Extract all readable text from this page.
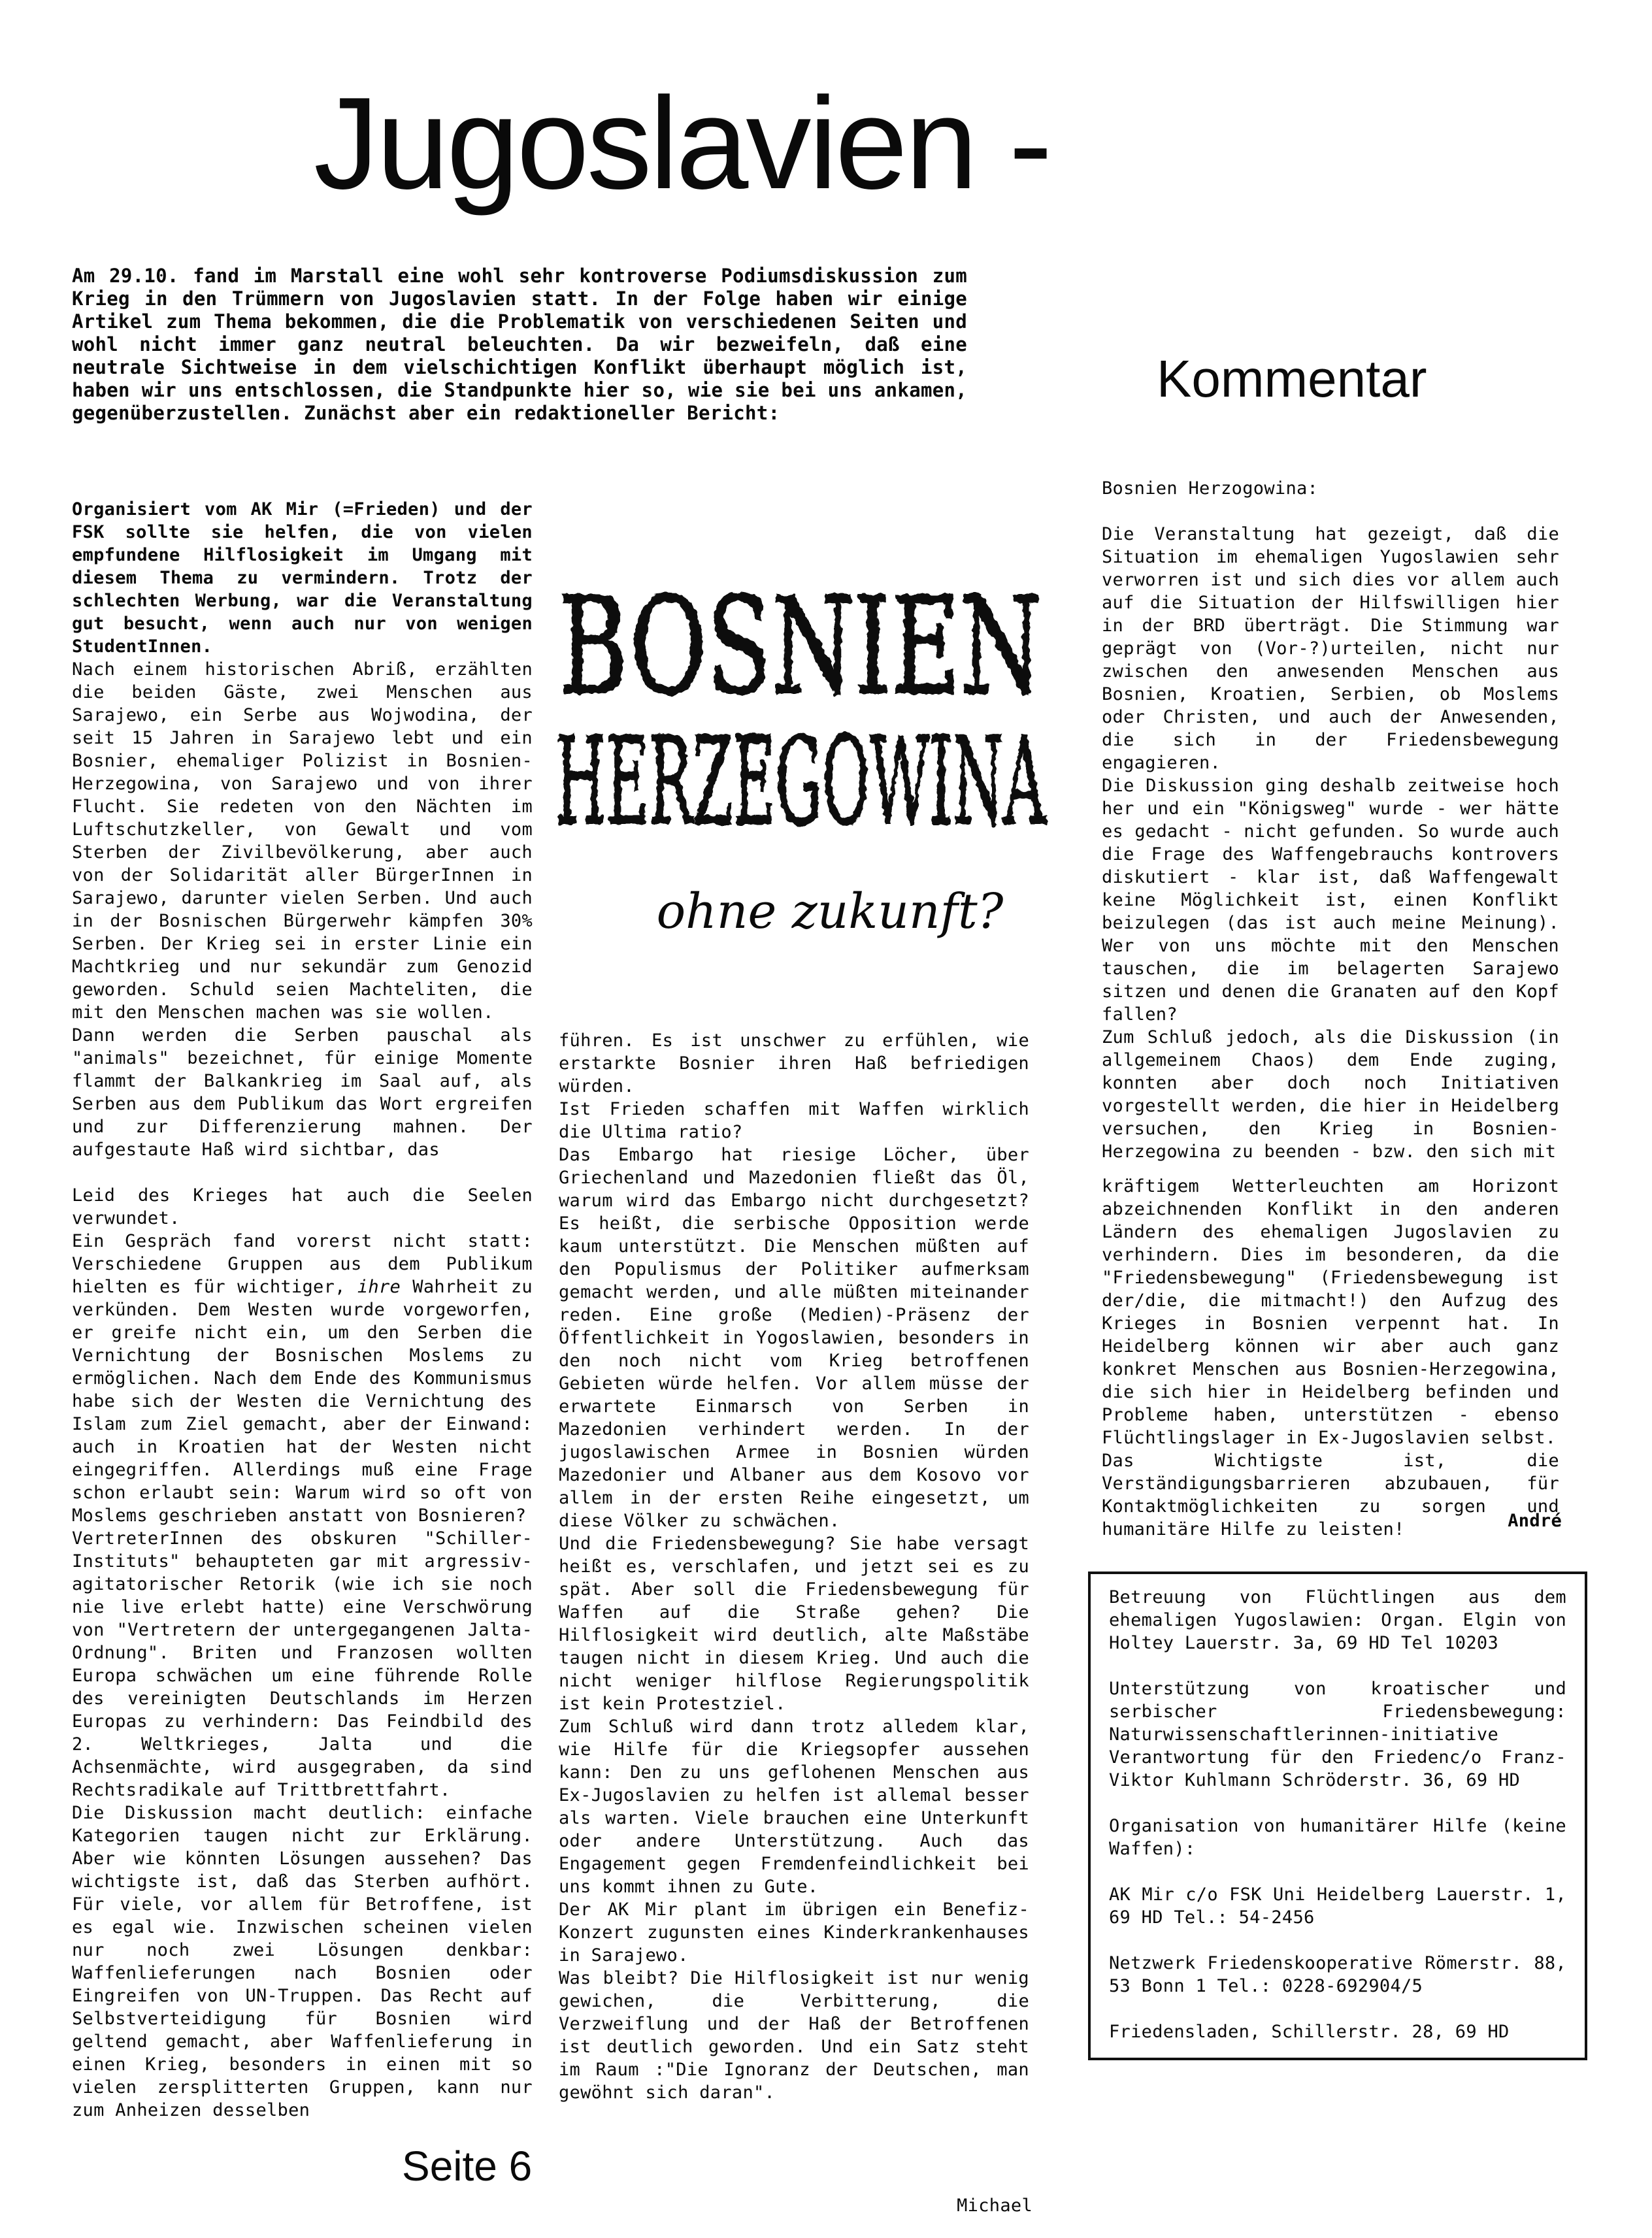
Jugoslavien -
Am 29.10. fand im Marstall eine wohl sehr kontroverse Podiumsdiskussion zum Krieg in den Trümmern von Jugoslavien statt. In der Folge haben wir einige Artikel zum Thema bekommen, die die Problematik von verschiedenen Seiten und wohl nicht immer ganz neutral beleuchten. Da wir bezweifeln, daß eine neutrale Sichtweise in dem vielschichtigen Konflikt überhaupt möglich ist, haben wir uns entschlossen, die Standpunkte hier so, wie sie bei uns ankamen, gegenüberzustellen. Zunächst aber ein redaktioneller Bericht:
Kommentar
BOSNIEN
HERZEGOWINA
ohne zukunft?

Organisiert vom AK Mir (=Frieden) und der FSK sollte sie helfen, die von vielen empfundene Hilflosigkeit im Umgang mit diesem Thema zu vermindern. Trotz der schlechten Werbung, war die Veranstaltung gut besucht, wenn auch nur von wenigen StudentInnen.

Nach einem historischen Abriß, erzählten die beiden Gäste, zwei Menschen aus Sarajewo, ein Serbe aus Wojwodina, der seit 15 Jahren in Sarajewo lebt und ein Bosnier, ehemaliger Polizist in Bosnien-Herzegowina, von Sarajewo und von ihrer Flucht. Sie redeten von den Nächten im Luftschutzkeller, von Gewalt und vom Sterben der Zivilbevölkerung, aber auch von der Solidarität aller BürgerInnen in Sarajewo, darunter vielen Serben. Und auch in der Bosnischen Bürgerwehr kämpfen 30% Serben. Der Krieg sei in erster Linie ein Machtkrieg und nur sekundär zum Genozid geworden. Schuld seien Machteliten, die mit den Menschen machen was sie wollen.

Dann werden die Serben pauschal als "animals" bezeichnet, für einige Momente flammt der Balkankrieg im Saal auf, als Serben aus dem Publikum das Wort ergreifen und zur Differenzierung mahnen. Der aufgestaute Haß wird sichtbar, das

Leid des Krieges hat auch die Seelen verwundet.

Ein Gespräch fand vorerst nicht statt: Verschiedene Gruppen aus dem Publikum hielten es für wichtiger, ihre Wahrheit zu verkünden. Dem Westen wurde vorgeworfen, er greife nicht ein, um den Serben die Vernichtung der Bosnischen Moslems zu ermöglichen. Nach dem Ende des Kommunismus habe sich der Westen die Vernichtung des Islam zum Ziel gemacht, aber der Einwand: auch in Kroatien hat der Westen nicht eingegriffen. Allerdings muß eine Frage schon erlaubt sein: Warum wird so oft von Moslems geschrieben anstatt von Bosnieren?

VertreterInnen des obskuren "Schiller-Instituts" behaupteten gar mit argressiv-agitatorischer Retorik (wie ich sie noch nie live erlebt hatte) eine Verschwörung von "Vertretern der untergegangenen Jalta-Ordnung". Briten und Franzosen wollten Europa schwächen um eine führende Rolle des vereinigten Deutschlands im Herzen Europas zu verhindern: Das Feindbild des 2. Weltkrieges, Jalta und die Achsenmächte, wird ausgegraben, da sind Rechtsradikale auf Trittbrettfahrt.

Die Diskussion macht deutlich: einfache Kategorien taugen nicht zur Erklärung. Aber wie könnten Lösungen aussehen? Das wichtigste ist, daß das Sterben aufhört. Für viele, vor allem für Betroffene, ist es egal wie. Inzwischen scheinen vielen nur noch zwei Lösungen denkbar: Waffenlieferungen nach Bosnien oder Eingreifen von UN-Truppen. Das Recht auf Selbstverteidigung für Bosnien wird geltend gemacht, aber Waffenlieferung in einen Krieg, besonders in einen mit so vielen zersplitterten Gruppen, kann nur zum Anheizen desselben

führen. Es ist unschwer zu erfühlen, wie erstarkte Bosnier ihren Haß befriedigen würden.

Ist Frieden schaffen mit Waffen wirklich die Ultima ratio?

Das Embargo hat riesige Löcher, über Griechenland und Mazedonien fließt das Öl, warum wird das Embargo nicht durchgesetzt? Es heißt, die serbische Opposition werde kaum unterstützt. Die Menschen müßten auf den Populismus der Politiker aufmerksam gemacht werden, und alle müßten miteinander reden. Eine große (Medien)-Präsenz der Öffentlichkeit in Yogoslawien, besonders in den noch nicht vom Krieg betroffenen Gebieten würde helfen. Vor allem müsse der erwartete Einmarsch von Serben in Mazedonien verhindert werden. In der jugoslawischen Armee in Bosnien würden Mazedonier und Albaner aus dem Kosovo vor allem in der ersten Reihe eingesetzt, um diese Völker zu schwächen.

Und die Friedensbewegung? Sie habe versagt heißt es, verschlafen, und jetzt sei es zu spät. Aber soll die Friedensbewegung für Waffen auf die Straße gehen? Die Hilflosigkeit wird deutlich, alte Maßstäbe taugen nicht in diesem Krieg. Und auch die nicht weniger hilflose Regierungspolitik ist kein Protestziel.

Zum Schluß wird dann trotz alledem klar, wie Hilfe für die Kriegsopfer aussehen kann: Den zu uns geflohenen Menschen aus Ex-Jugoslavien zu helfen ist allemal besser als warten. Viele brauchen eine Unterkunft oder andere Unterstützung. Auch das Engagement gegen Fremdenfeindlichkeit bei uns kommt ihnen zu Gute.

Der AK Mir plant im übrigen ein Benefiz-Konzert zugunsten eines Kinderkrankenhauses in Sarajewo.

Was bleibt? Die Hilflosigkeit ist nur wenig gewichen, die Verbitterung, die Verzweiflung und der Haß der Betroffenen ist deutlich geworden. Und ein Satz steht im Raum :"Die Ignoranz der Deutschen, man gewöhnt sich daran".

Michael

Bosnien Herzogowina:

Die Veranstaltung hat gezeigt, daß die Situation im ehemaligen Yugoslawien sehr verworren ist und sich dies vor allem auch auf die Situation der Hilfswilligen hier in der BRD überträgt. Die Stimmung war geprägt von (Vor-?)urteilen, nicht nur zwischen den anwesenden Menschen aus Bosnien, Kroatien, Serbien, ob Moslems oder Christen, und auch der Anwesenden, die sich in der Friedensbewegung engagieren.

Die Diskussion ging deshalb zeitweise hoch her und ein "Königsweg" wurde - wer hätte es gedacht - nicht gefunden. So wurde auch die Frage des Waffengebrauchs kontrovers diskutiert - klar ist, daß Waffengewalt keine Möglichkeit ist, einen Konflikt beizulegen (das ist auch meine Meinung). Wer von uns möchte mit den Menschen tauschen, die im belagerten Sarajewo sitzen und denen die Granaten auf den Kopf fallen?

Zum Schluß jedoch, als die Diskussion (in allgemeinem Chaos) dem Ende zuging, konnten aber doch noch Initiativen vorgestellt werden, die hier in Heidelberg versuchen, den Krieg in Bosnien-Herzegowina zu beenden - bzw. den sich mit

kräftigem Wetterleuchten am Horizont abzeichnenden Konflikt in den anderen Ländern des ehemaligen Jugoslavien zu verhindern. Dies im besonderen, da die "Friedensbewegung" (Friedensbewegung ist der/die, die mitmacht!) den Aufzug des Krieges in Bosnien verpennt hat. In Heidelberg können wir aber auch ganz konkret Menschen aus Bosnien-Herzegowina, die sich hier in Heidelberg befinden und Probleme haben, unterstützen - ebenso Flüchtlingslager in Ex-Jugoslavien selbst.

Das Wichtigste ist, die Verständigungsbarrieren abzubauen, für Kontaktmöglichkeiten zu sorgen und humanitäre Hilfe zu leisten!	André

Betreuung von Flüchtlingen aus dem ehemaligen Yugoslawien: Organ. Elgin von Holtey Lauerstr. 3a, 69 HD Tel 10203

Unterstützung von kroatischer und serbischer Friedensbewegung: Naturwissenschaftlerinnen-initiative Verantwortung für den Friedenc/o Franz-Viktor Kuhlmann Schröderstr. 36, 69 HD

Organisation von humanitärer Hilfe (keine Waffen):

AK Mir c/o FSK Uni Heidelberg Lauerstr. 1, 69 HD Tel.: 54-2456

Netzwerk Friedenskooperative Römerstr. 88, 53 Bonn 1 Tel.: 0228-692904/5

Friedensladen, Schillerstr. 28, 69 HD

Seite 6
